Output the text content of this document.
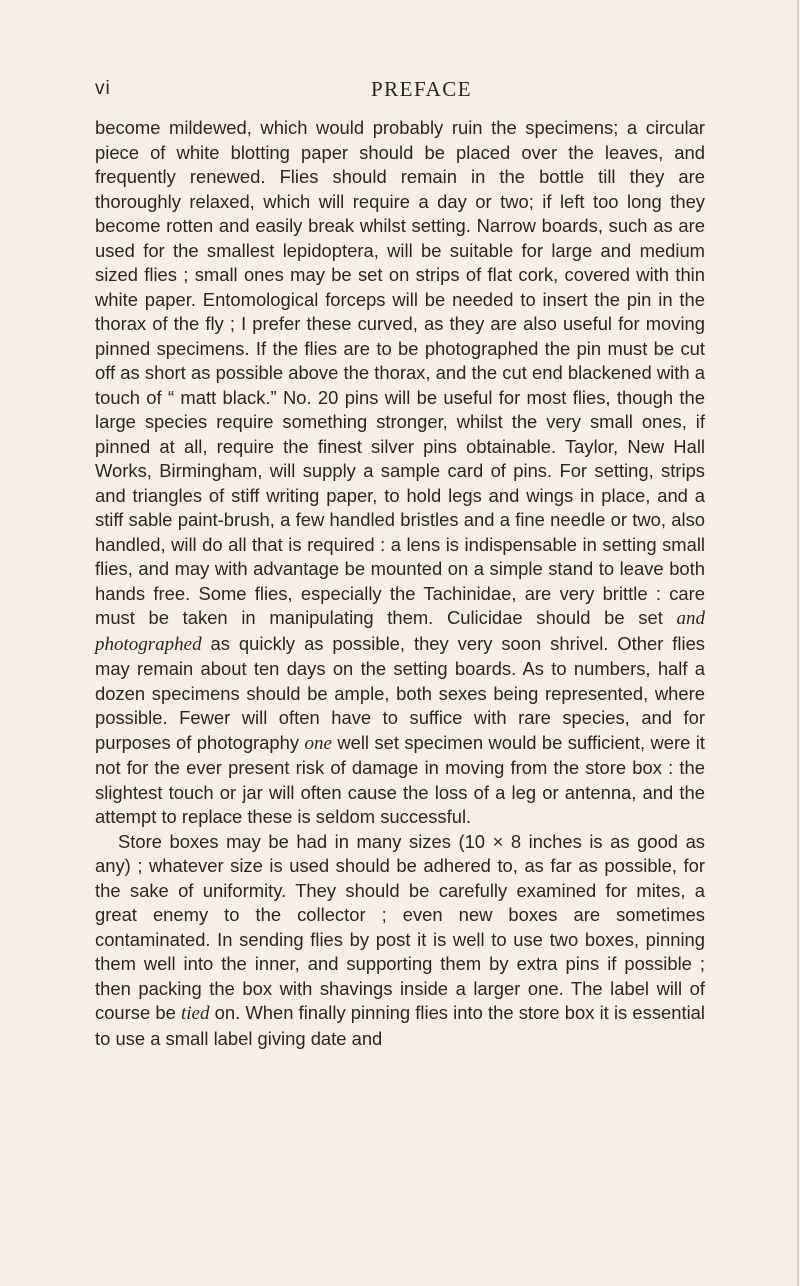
vi	PREFACE

become mildewed, which would probably ruin the specimens; a circular piece of white blotting paper should be placed over the leaves, and frequently renewed. Flies should remain in the bottle till they are thoroughly relaxed, which will require a day or two; if left too long they become rotten and easily break whilst setting. Narrow boards, such as are used for the smallest lepidoptera, will be suitable for large and medium sized flies ; small ones may be set on strips of flat cork, covered with thin white paper. Entomological forceps will be needed to insert the pin in the thorax of the fly ; I prefer these curved, as they are also useful for moving pinned specimens. If the flies are to be photographed the pin must be cut off as short as possible above the thorax, and the cut end blackened with a touch of “ matt black.” No. 20 pins will be useful for most flies, though the large species require something stronger, whilst the very small ones, if pinned at all, require the finest silver pins obtainable. Taylor, New Hall Works, Birmingham, will supply a sample card of pins. For setting, strips and triangles of stiff writing paper, to hold legs and wings in place, and a stiff sable paint-brush, a few handled bristles and a fine needle or two, also handled, will do all that is required : a lens is indispensable in setting small flies, and may with advantage be mounted on a simple stand to leave both hands free. Some flies, especially the Tachinidae, are very brittle : care must be taken in manipulating them. Culicidae should be set and photographed as quickly as possible, they very soon shrivel. Other flies may remain about ten days on the setting boards. As to numbers, half a dozen specimens should be ample, both sexes being represented, where possible. Fewer will often have to suffice with rare species, and for purposes of photography one well set specimen would be sufficient, were it not for the ever present risk of damage in moving from the store box : the slightest touch or jar will often cause the loss of a leg or antenna, and the attempt to replace these is seldom successful.

Store boxes may be had in many sizes (10 × 8 inches is as good as any) ; whatever size is used should be adhered to, as far as possible, for the sake of uniformity. They should be carefully examined for mites, a great enemy to the collector ; even new boxes are sometimes contaminated. In sending flies by post it is well to use two boxes, pinning them well into the inner, and supporting them by extra pins if possible ; then packing the box with shavings inside a larger one. The label will of course be tied on. When finally pinning flies into the store box it is essential to use a small label giving date and
